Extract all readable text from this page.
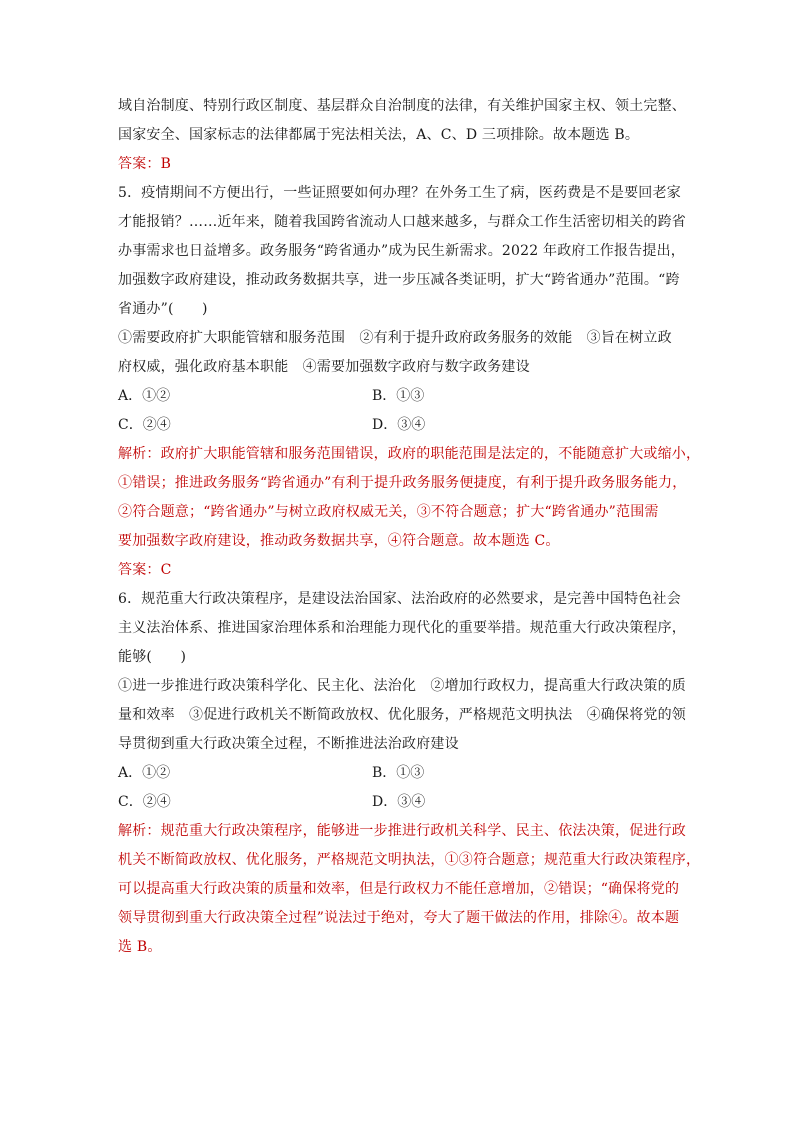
域自治制度、特别行政区制度、基层群众自治制度的法律，有关维护国家主权、领土完整、
国家安全、国家标志的法律都属于宪法相关法，A、C、D 三项排除。故本题选 B。
答案：B
5．疫情期间不方便出行，一些证照要如何办理？在外务工生了病，医药费是不是要回老家
才能报销？……近年来，随着我国跨省流动人口越来越多，与群众工作生活密切相关的跨省
办事需求也日益增多。政务服务“跨省通办”成为民生新需求。2022 年政府工作报告提出，
加强数字政府建设，推动政务数据共享，进一步压减各类证明，扩大“跨省通办”范围。“跨
省通办”(　　)
①需要政府扩大职能管辖和服务范围　②有利于提升政府政务服务的效能　③旨在树立政
府权威，强化政府基本职能　④需要加强数字政府与数字政务建设
A．①②	B．①③
C．②④	D．③④
解析：政府扩大职能管辖和服务范围错误，政府的职能范围是法定的，不能随意扩大或缩小，
①错误；推进政务服务“跨省通办”有利于提升政务服务便捷度，有利于提升政务服务能力，
②符合题意；“跨省通办”与树立政府权威无关，③不符合题意；扩大“跨省通办”范围需
要加强数字政府建设，推动政务数据共享，④符合题意。故本题选 C。
答案：C
6．规范重大行政决策程序，是建设法治国家、法治政府的必然要求，是完善中国特色社会
主义法治体系、推进国家治理体系和治理能力现代化的重要举措。规范重大行政决策程序，
能够(　　)
①进一步推进行政决策科学化、民主化、法治化　②增加行政权力，提高重大行政决策的质
量和效率　③促进行政机关不断简政放权、优化服务，严格规范文明执法　④确保将党的领
导贯彻到重大行政决策全过程，不断推进法治政府建设
A．①②	B．①③
C．②④	D．③④
解析：规范重大行政决策程序，能够进一步推进行政机关科学、民主、依法决策，促进行政
机关不断简政放权、优化服务，严格规范文明执法，①③符合题意；规范重大行政决策程序，
可以提高重大行政决策的质量和效率，但是行政权力不能任意增加，②错误；“确保将党的
领导贯彻到重大行政决策全过程”说法过于绝对，夸大了题干做法的作用，排除④。故本题
选 B。
